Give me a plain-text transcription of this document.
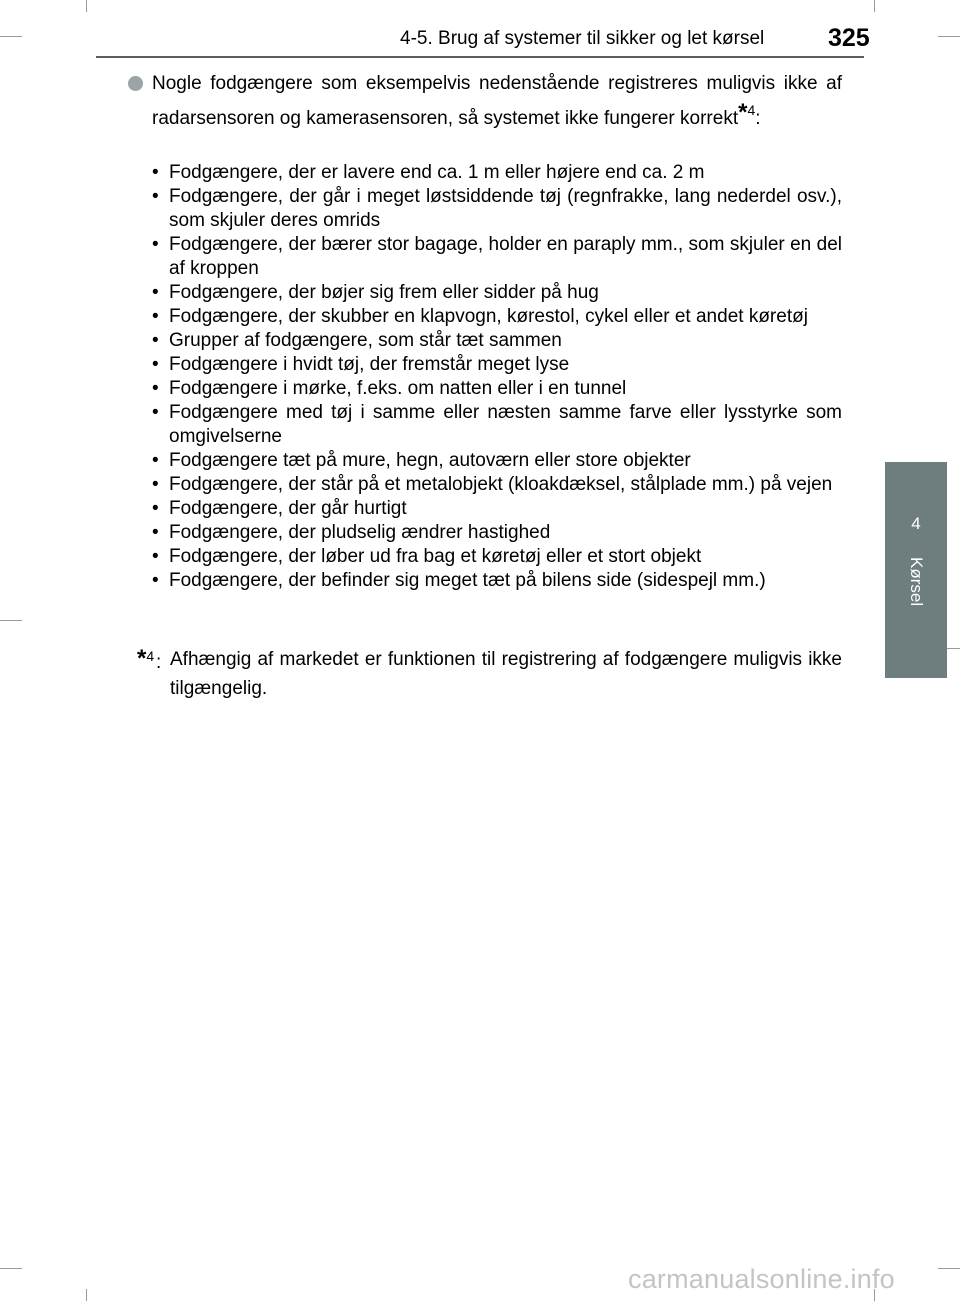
4-5. Brug af systemer til sikker og let kørsel	325
4
Kørsel
Nogle fodgængere som eksempelvis nedenstående registreres muligvis ikke af radarsensoren og kamerasensoren, så systemet ikke fungerer korrekt*$^4$:
• Fodgængere, der er lavere end ca. 1 m eller højere end ca. 2 m
• Fodgængere, der går i meget løstsiddende tøj (regnfrakke, lang nederdel osv.), som skjuler deres omrids
• Fodgængere, der bærer stor bagage, holder en paraply mm., som skjuler en del af kroppen
• Fodgængere, der bøjer sig frem eller sidder på hug
• Fodgængere, der skubber en klapvogn, kørestol, cykel eller et andet køretøj
• Grupper af fodgængere, som står tæt sammen
• Fodgængere i hvidt tøj, der fremstår meget lyse
• Fodgængere i mørke, f.eks. om natten eller i en tunnel
• Fodgængere med tøj i samme eller næsten samme farve eller lysstyrke som omgivelserne
• Fodgængere tæt på mure, hegn, autoværn eller store objekter
• Fodgængere, der står på et metalobjekt (kloakdæksel, stålplade mm.) på vejen
• Fodgængere, der går hurtigt
• Fodgængere, der pludselig ændrer hastighed
• Fodgængere, der løber ud fra bag et køretøj eller et stort objekt
• Fodgængere, der befinder sig meget tæt på bilens side (sidespejl mm.)
*$^4$ : Afhængig af markedet er funktionen til registrering af fodgængere muligvis ikke tilgængelig.
carmanualsonline.info
